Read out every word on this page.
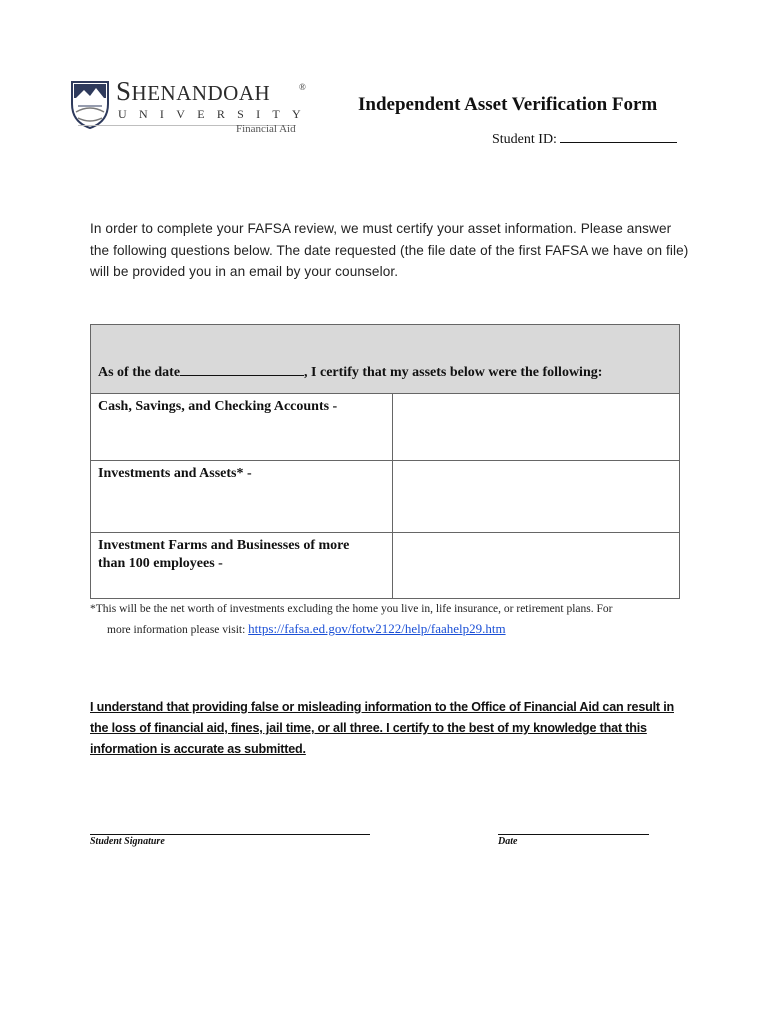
SHENANDOAH	®
UNIVERSITY
Financial Aid
Independent Asset Verification Form
Student ID:
In order to complete your FAFSA review, we must certify your asset information. Please answer the following questions below. The date requested (the file date of the first FAFSA we have on file) will be provided you in an email by your counselor.
As of the date	, I certify that my assets below were the following:
Cash, Savings, and Checking Accounts -
Investments and Assets* -
Investment Farms and Businesses of more than 100 employees -
*This will be the net worth of investments excluding the home you live in, life insurance, or retirement plans. For
more information please visit: https://fafsa.ed.gov/fotw2122/help/faahelp29.htm
I understand that providing false or misleading information to the Office of Financial Aid can result in the loss of financial aid, fines, jail time, or all three. I certify to the best of my knowledge that this information is accurate as submitted.
Student Signature	Date
